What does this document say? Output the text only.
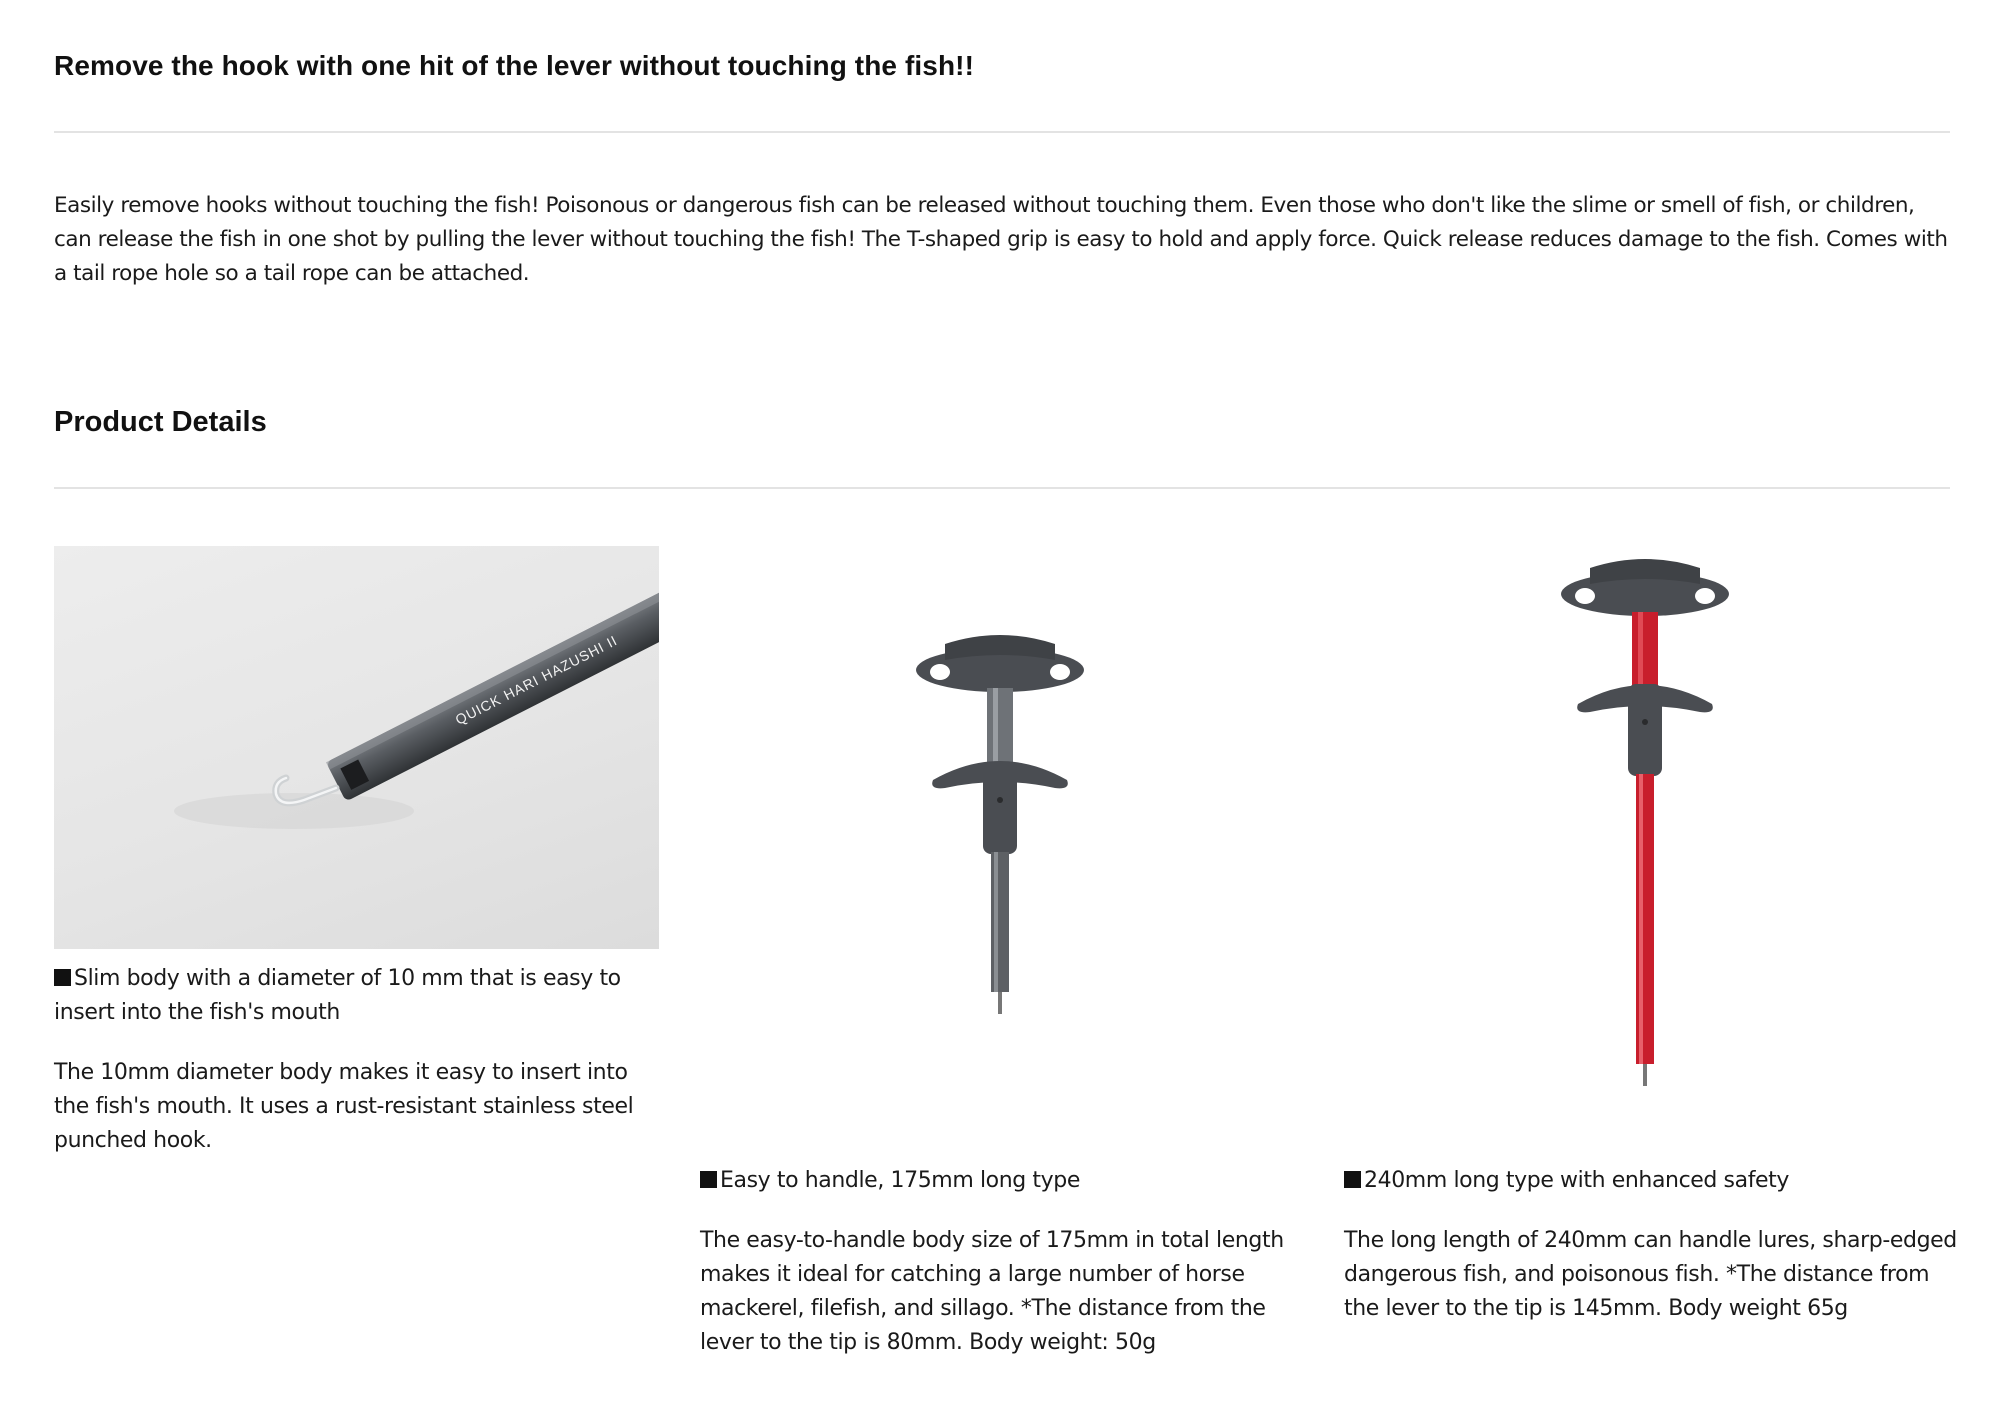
Remove the hook with one hit of the lever without touching the fish!!
Easily remove hooks without touching the fish! Poisonous or dangerous fish can be released without touching them. Even those who don't like the slime or smell of fish, or children, can release the fish in one shot by pulling the lever without touching the fish! The T-shaped grip is easy to hold and apply force. Quick release reduces damage to the fish. Comes with a tail rope hole so a tail rope can be attached.
Product Details
QUICK HARI HAZUSHI II
Slim body with a diameter of 10 mm that is easy to insert into the fish's mouth
The 10mm diameter body makes it easy to insert into the fish's mouth. It uses a rust-resistant stainless steel punched hook.
Easy to handle, 175mm long type
The easy-to-handle body size of 175mm in total length makes it ideal for catching a large number of horse mackerel, filefish, and sillago. *The distance from the lever to the tip is 80mm. Body weight: 50g
240mm long type with enhanced safety
The long length of 240mm can handle lures, sharp-edged dangerous fish, and poisonous fish. *The distance from the lever to the tip is 145mm. Body weight 65g
